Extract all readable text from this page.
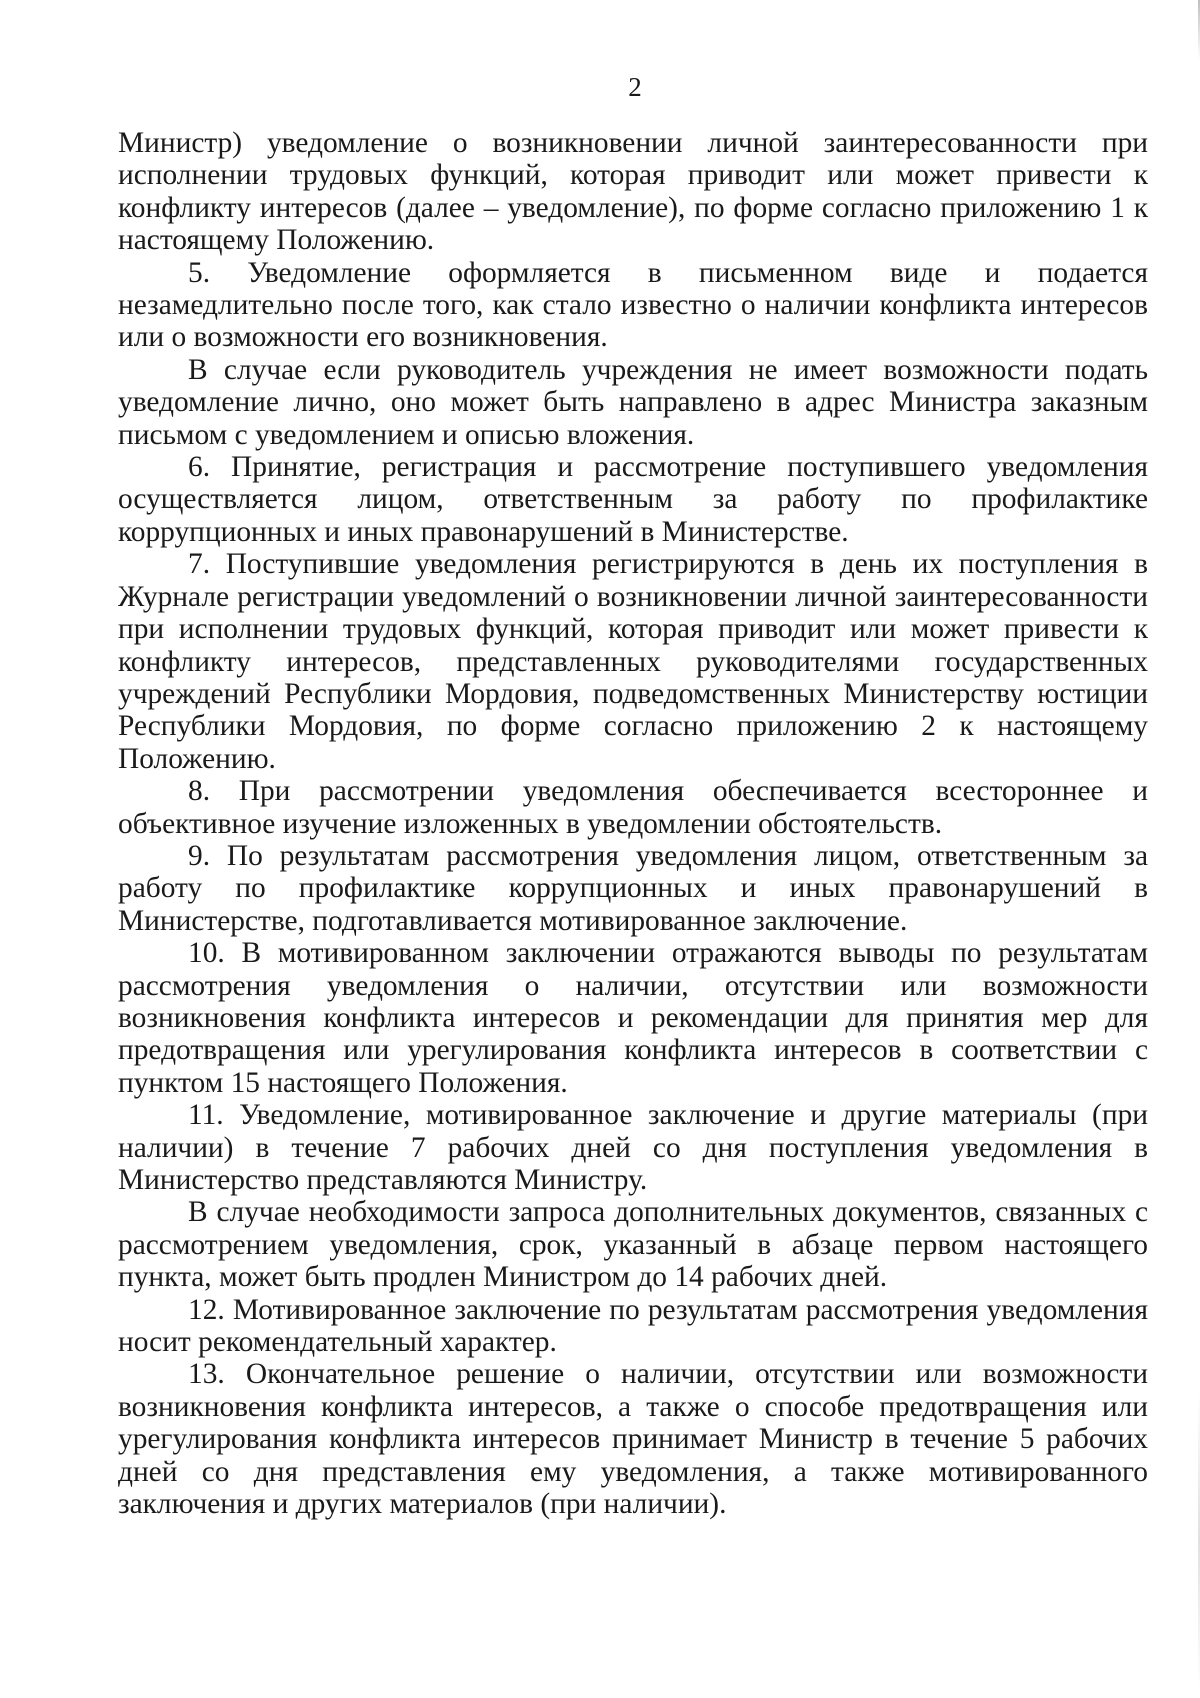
2

Министр) уведомление о возникновении личной заинтересованности при исполнении трудовых функций, которая приводит или может привести к конфликту интересов (далее – уведомление), по форме согласно приложению 1 к настоящему Положению.

5. Уведомление оформляется в письменном виде и подается незамедлительно после того, как стало известно о наличии конфликта интересов или о возможности его возникновения.

В случае если руководитель учреждения не имеет возможности подать уведомление лично, оно может быть направлено в адрес Министра заказным письмом с уведомлением и описью вложения.

6. Принятие, регистрация и рассмотрение поступившего уведомления осуществляется лицом, ответственным за работу по профилактике коррупционных и иных правонарушений в Министерстве.

7. Поступившие уведомления регистрируются в день их поступления в Журнале регистрации уведомлений о возникновении личной заинтересованности при исполнении трудовых функций, которая приводит или может привести к конфликту интересов, представленных руководителями государственных учреждений Республики Мордовия, подведомственных Министерству юстиции Республики Мордовия, по форме согласно приложению 2 к настоящему Положению.

8. При рассмотрении уведомления обеспечивается всестороннее и объективное изучение изложенных в уведомлении обстоятельств.

9. По результатам рассмотрения уведомления лицом, ответственным за работу по профилактике коррупционных и иных правонарушений в Министерстве, подготавливается мотивированное заключение.

10. В мотивированном заключении отражаются выводы по результатам рассмотрения уведомления о наличии, отсутствии или возможности возникновения конфликта интересов и рекомендации для принятия мер для предотвращения или урегулирования конфликта интересов в соответствии с пунктом 15 настоящего Положения.

11. Уведомление, мотивированное заключение и другие материалы (при наличии) в течение 7 рабочих дней со дня поступления уведомления в Министерство представляются Министру.

В случае необходимости запроса дополнительных документов, связанных с рассмотрением уведомления, срок, указанный в абзаце первом настоящего пункта, может быть продлен Министром до 14 рабочих дней.

12. Мотивированное заключение по результатам рассмотрения уведомления носит рекомендательный характер.

13. Окончательное решение о наличии, отсутствии или возможности возникновения конфликта интересов, а также о способе предотвращения или урегулирования конфликта интересов принимает Министр в течение 5 рабочих дней со дня представления ему уведомления, а также мотивированного заключения и других материалов (при наличии).
